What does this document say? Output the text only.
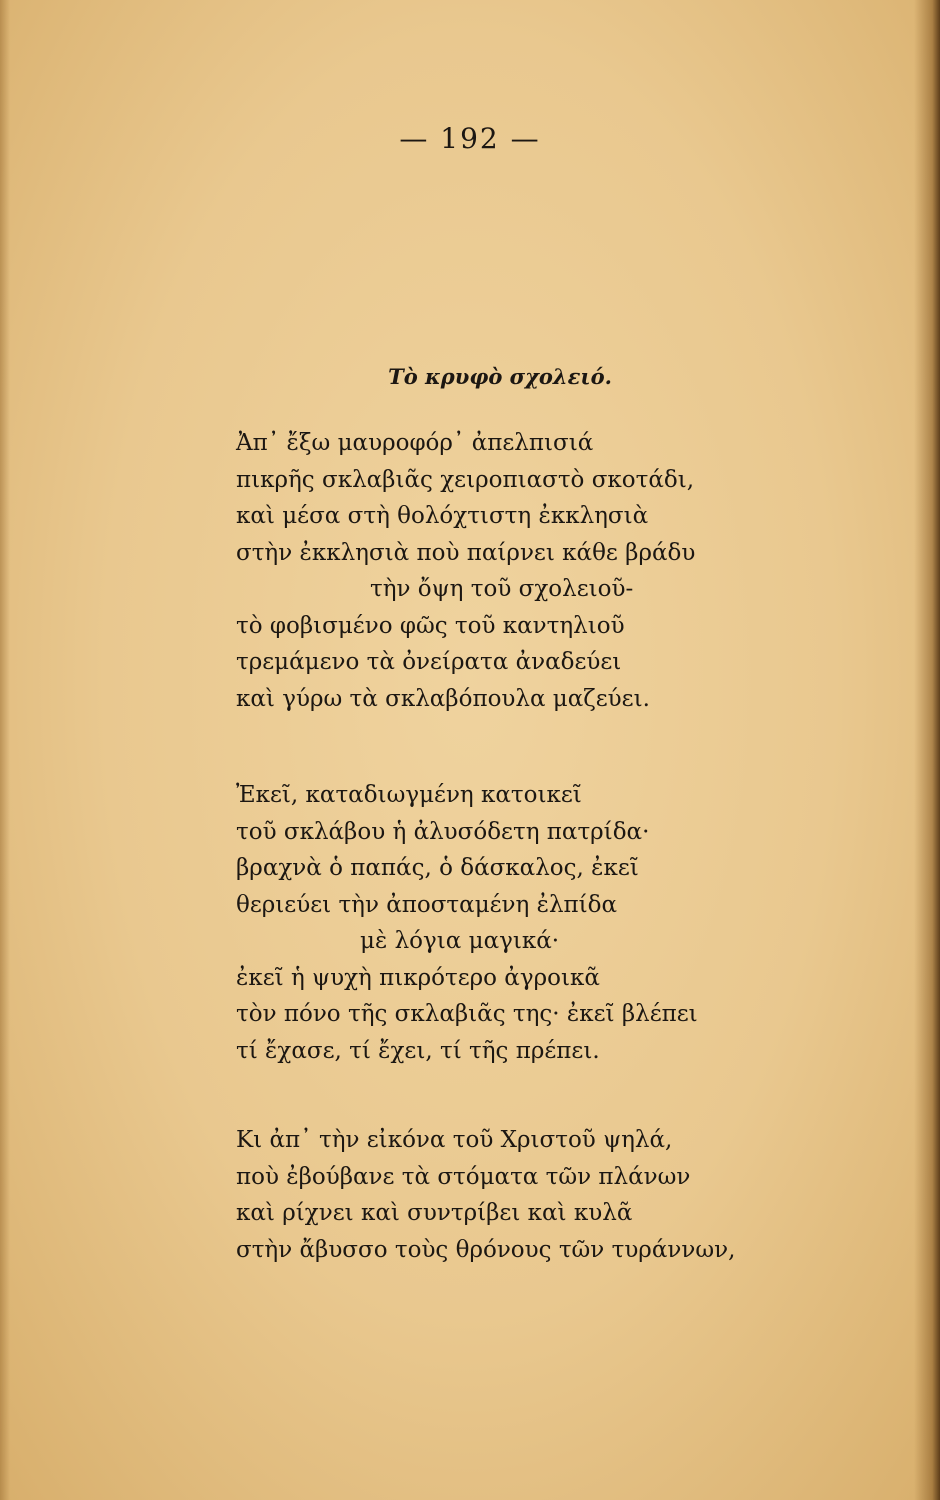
— 192 —
Τὸ κρυφὸ σχολειό.
Ἀπ᾽ ἔξω μαυροφόρ᾽ ἀπελπισιά
πικρῆς σκλαβιᾶς χειροπιαστὸ σκοτάδι,
καὶ μέσα στὴ θολόχτιστη ἐκκλησιὰ
στὴν ἐκκλησιὰ ποὺ παίρνει κάθε βράδυ
τὴν ὄψη τοῦ σχολειοῦ-
τὸ φοβισμένο φῶς τοῦ καντηλιοῦ
τρεμάμενο τὰ ὀνείρατα ἀναδεύει
καὶ γύρω τὰ σκλαβόπουλα μαζεύει.
Ἐκεῖ, καταδιωγμένη κατοικεῖ
τοῦ σκλάβου ἡ ἀλυσόδετη πατρίδα·
βραχνὰ ὁ παπάς, ὁ δάσκαλος, ἐκεῖ
θεριεύει τὴν ἀποσταμένη ἐλπίδα
μὲ λόγια μαγικά·
ἐκεῖ ἡ ψυχὴ πικρότερο ἀγροικᾶ
τὸν πόνο τῆς σκλαβιᾶς της· ἐκεῖ βλέπει
τί ἔχασε, τί ἔχει, τί τῆς πρέπει.
Κι ἀπ᾽ τὴν εἰκόνα τοῦ Χριστοῦ ψηλά,
ποὺ ἐβούβανε τὰ στόματα τῶν πλάνων
καὶ ρίχνει καὶ συντρίβει καὶ κυλᾶ
στὴν ἄβυσσο τοὺς θρόνους τῶν τυράννων,
